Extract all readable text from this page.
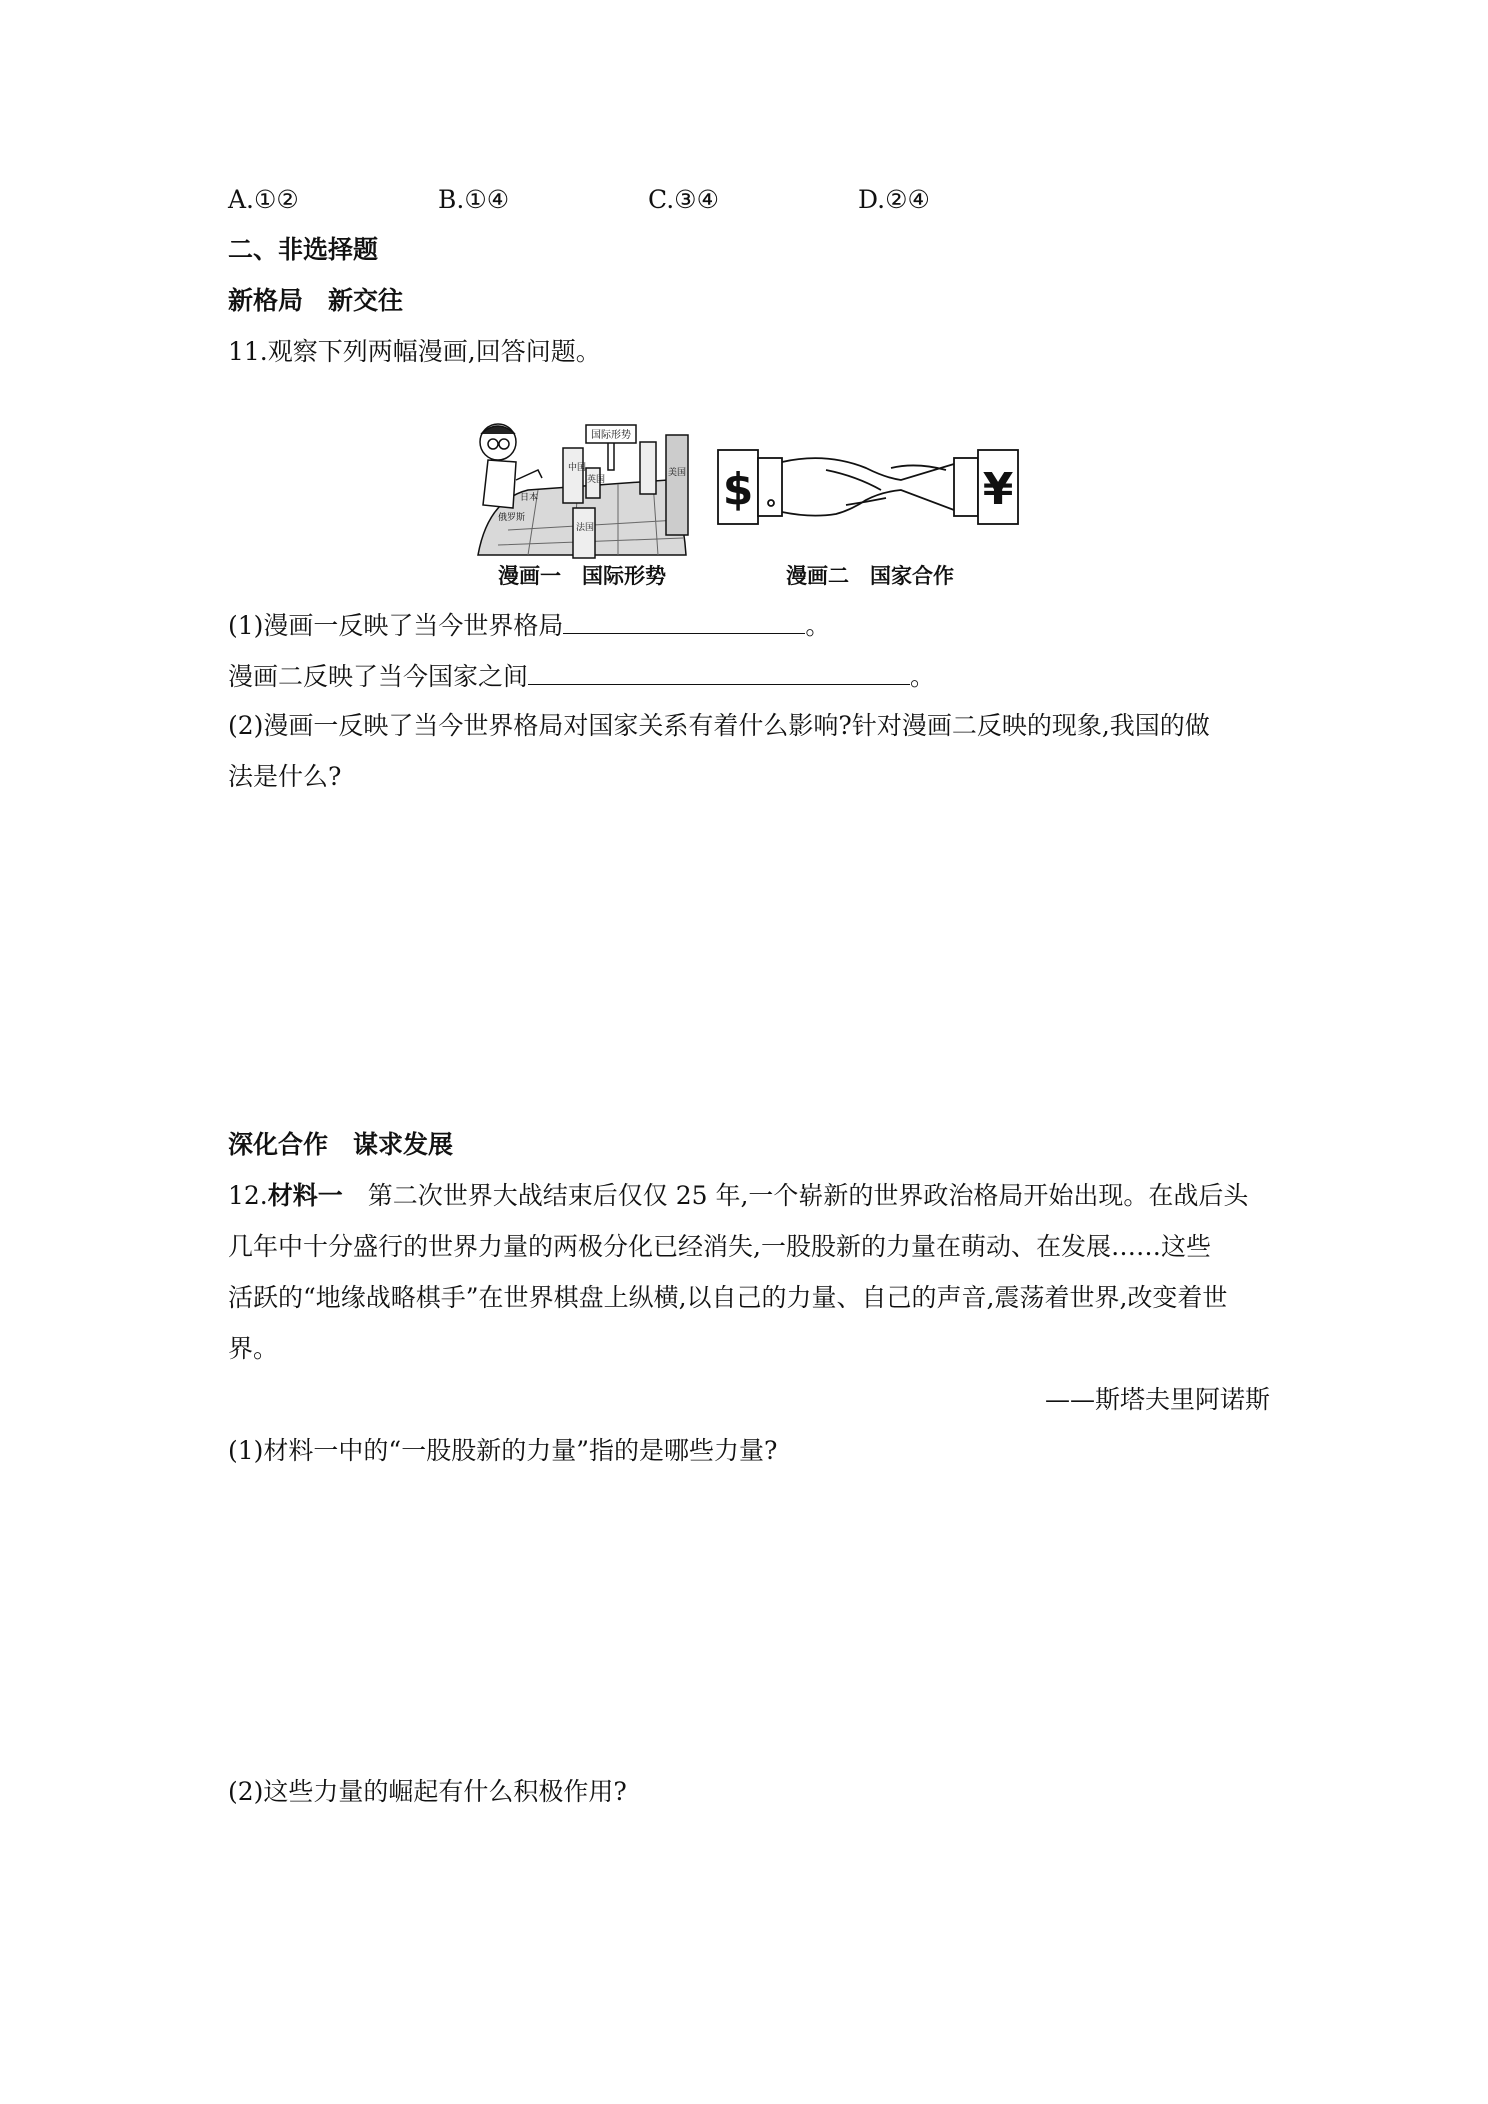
A.①②	B.①④	C.③④	D.②④
二、非选择题
新格局　新交往
11.观察下列两幅漫画,回答问题。
国际形势
中国
英国
美国
法国
俄罗斯
日本
漫画一　国际形势
$	¥
漫画二　国家合作
(1)漫画一反映了当今世界格局	。
漫画二反映了当今国家之间	。
(2)漫画一反映了当今世界格局对国家关系有着什么影响?针对漫画二反映的现象,我国的做
法是什么?
深化合作　谋求发展
12.材料一　第二次世界大战结束后仅仅 25 年,一个崭新的世界政治格局开始出现。在战后头
几年中十分盛行的世界力量的两极分化已经消失,一股股新的力量在萌动、在发展……这些
活跃的“地缘战略棋手”在世界棋盘上纵横,以自己的力量、自己的声音,震荡着世界,改变着世
界。
——斯塔夫里阿诺斯
(1)材料一中的“一股股新的力量”指的是哪些力量?
(2)这些力量的崛起有什么积极作用?
